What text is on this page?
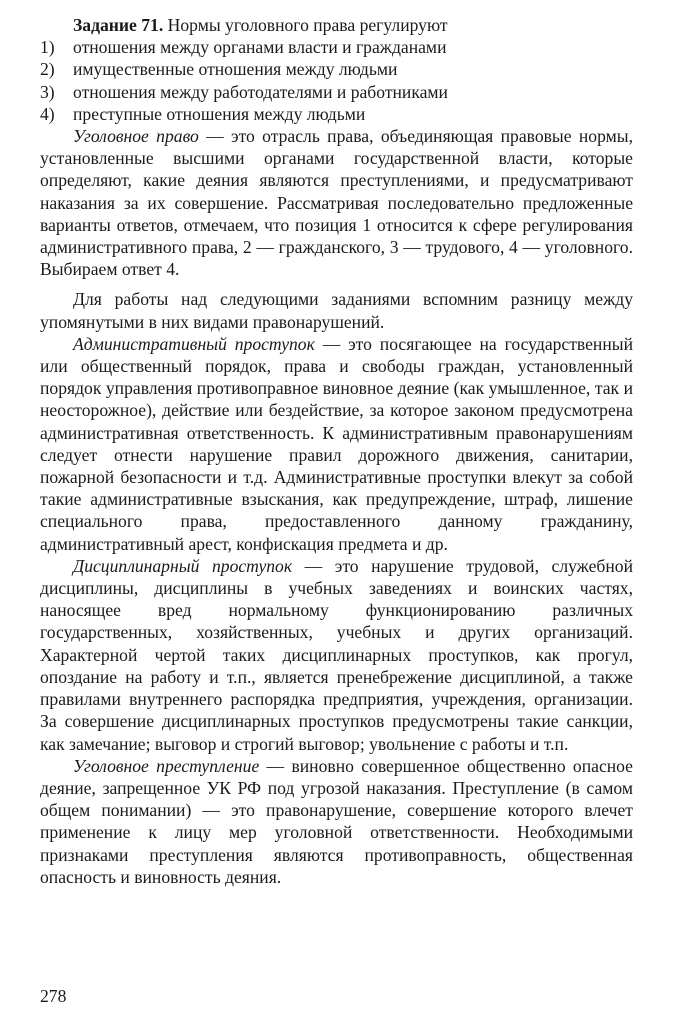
Задание 71. Нормы уголовного права регулируют
1)	отношения между органами власти и гражданами
2)	имущественные отношения между людьми
3)	отношения между работодателями и работниками
4)	преступные отношения между людьми

Уголовное право — это отрасль права, объединяющая правовые нормы, установленные высшими органами государственной власти, которые определяют, какие деяния являются преступлениями, и предусматривают наказания за их совершение. Рассматривая последовательно предложенные варианты ответов, отмечаем, что позиция 1 относится к сфере регулирования административного права, 2 — гражданского, 3 — трудового, 4 — уголовного. Выбираем ответ 4.

Для работы над следующими заданиями вспомним разницу между упомянутыми в них видами правонарушений.

Административный проступок — это посягающее на государственный или общественный порядок, права и свободы граждан, установленный порядок управления противоправное виновное деяние (как умышленное, так и неосторожное), действие или бездействие, за которое законом предусмотрена административная ответственность. К административным правонарушениям следует отнести нарушение правил дорожного движения, санитарии, пожарной безопасности и т.д. Административные проступки влекут за собой такие административные взыскания, как предупреждение, штраф, лишение специального права, предоставленного данному гражданину, административный арест, конфискация предмета и др.

Дисциплинарный проступок — это нарушение трудовой, служебной дисциплины, дисциплины в учебных заведениях и воинских частях, наносящее вред нормальному функционированию различных государственных, хозяйственных, учебных и других организаций. Характерной чертой таких дисциплинарных проступков, как прогул, опоздание на работу и т.п., является пренебрежение дисциплиной, а также правилами внутреннего распорядка предприятия, учреждения, организации. За совершение дисциплинарных проступков предусмотрены такие санкции, как замечание; выговор и строгий выговор; увольнение с работы и т.п.

Уголовное преступление — виновно совершенное общественно опасное деяние, запрещенное УК РФ под угрозой наказания. Преступление (в самом общем понимании) — это правонарушение, совершение которого влечет применение к лицу мер уголовной ответственности. Необходимыми признаками преступления являются противоправность, общественная опасность и виновность деяния.

278
